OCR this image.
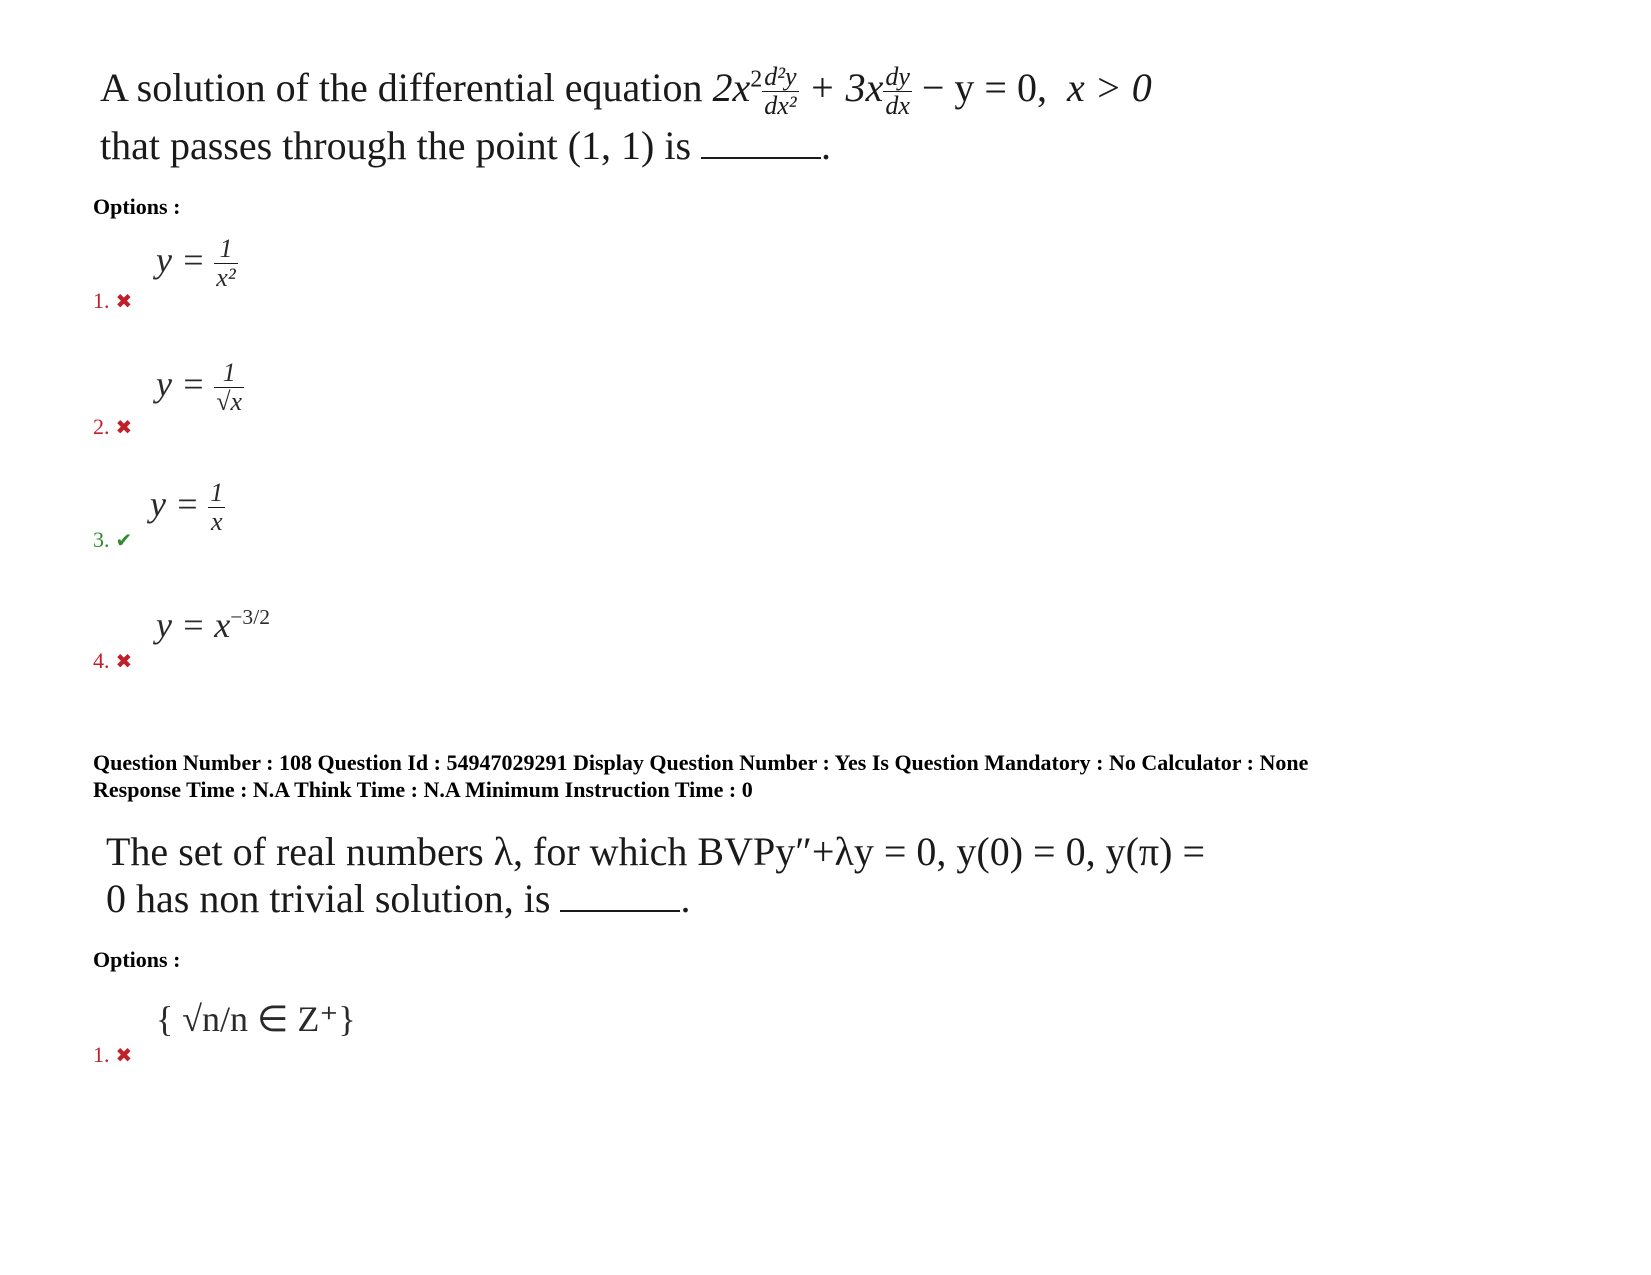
A solution of the differential equation $2x^2 \frac{\text{d²y}}{\text{dx²}} + 3x \frac{dy}{dx} - y = 0$, x > 0
that passes through the point (1, 1) is	.
Options :
$y = \frac{1}{\text{x²}}$
1. ✖
$y = \frac{1}{√x}$
2. ✖
$y = \frac{1}{x}$
3. ✔
$y = x^{-3/2}$
4. ✖
Question Number : 108 Question Id : 54947029291 Display Question Number : Yes Is Question Mandatory : No Calculator : None
Response Time : N.A Think Time : N.A Minimum Instruction Time : 0
The set of real numbers λ, for which BVPy″+λy = 0, y(0) = 0, y(π) =
0 has non trivial solution, is	.
Options :
{ √n/n ∈ Z⁺}
1. ✖
